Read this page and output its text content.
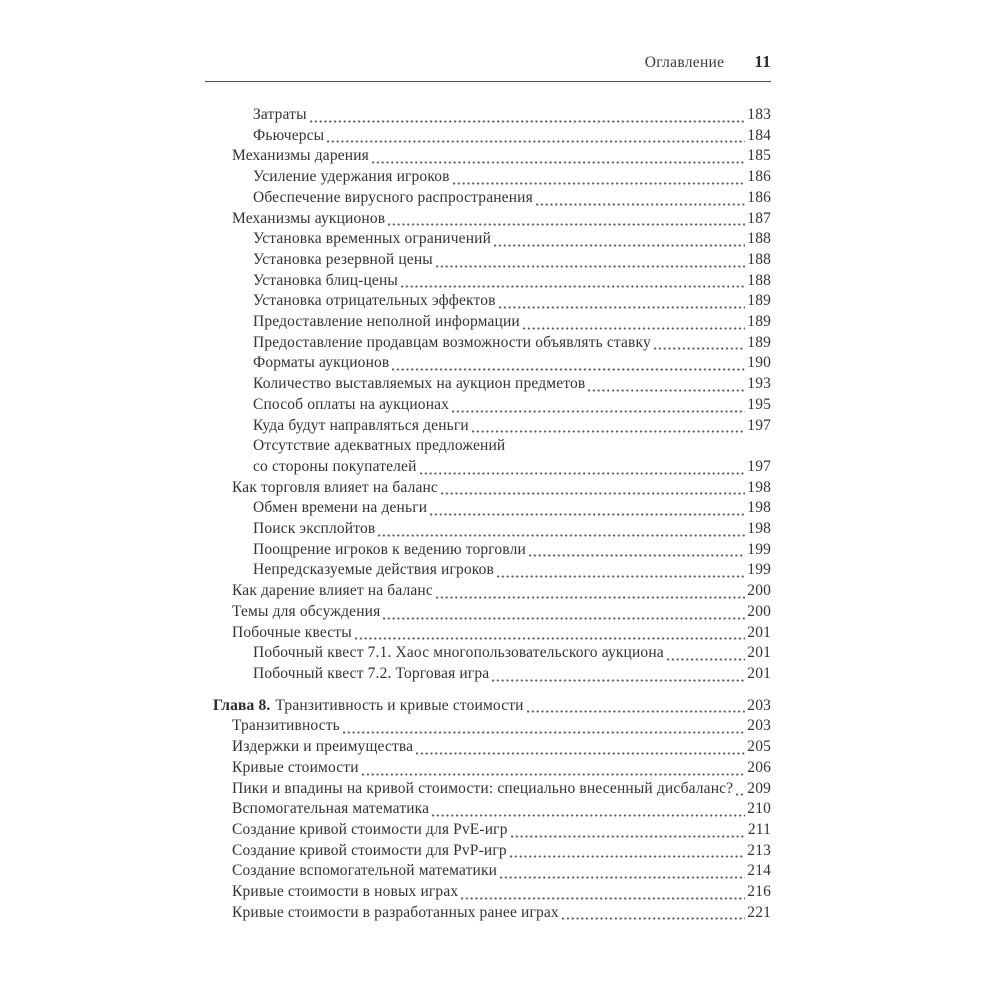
Оглавление 11
Затраты	183
Фьючерсы	184
Механизмы дарения	185
Усиление удержания игроков	186
Обеспечение вирусного распространения	186
Механизмы аукционов	187
Установка временных ограничений	188
Установка резервной цены	188
Установка блиц-цены	188
Установка отрицательных эффектов	189
Предоставление неполной информации	189
Предоставление продавцам возможности объявлять ставку	189
Форматы аукционов	190
Количество выставляемых на аукцион предметов	193
Способ оплаты на аукционах	195
Куда будут направляться деньги	197
Отсутствие адекватных предложений
со стороны покупателей	197
Как торговля влияет на баланс	198
Обмен времени на деньги	198
Поиск эксплойтов	198
Поощрение игроков к ведению торговли	199
Непредсказуемые действия игроков	199
Как дарение влияет на баланс	200
Темы для обсуждения	200
Побочные квесты	201
Побочный квест 7.1. Хаос многопользовательского аукциона	201
Побочный квест 7.2. Торговая игра	201
Глава 8. Транзитивность и кривые стоимости	203
Транзитивность	203
Издержки и преимущества	205
Кривые стоимости	206
Пики и впадины на кривой стоимости: специально внесенный дисбаланс? 209
Вспомогательная математика	210
Создание кривой стоимости для PvE-игр	211
Создание кривой стоимости для PvP-игр	213
Создание вспомогательной математики	214
Кривые стоимости в новых играх	216
Кривые стоимости в разработанных ранее играх	221
